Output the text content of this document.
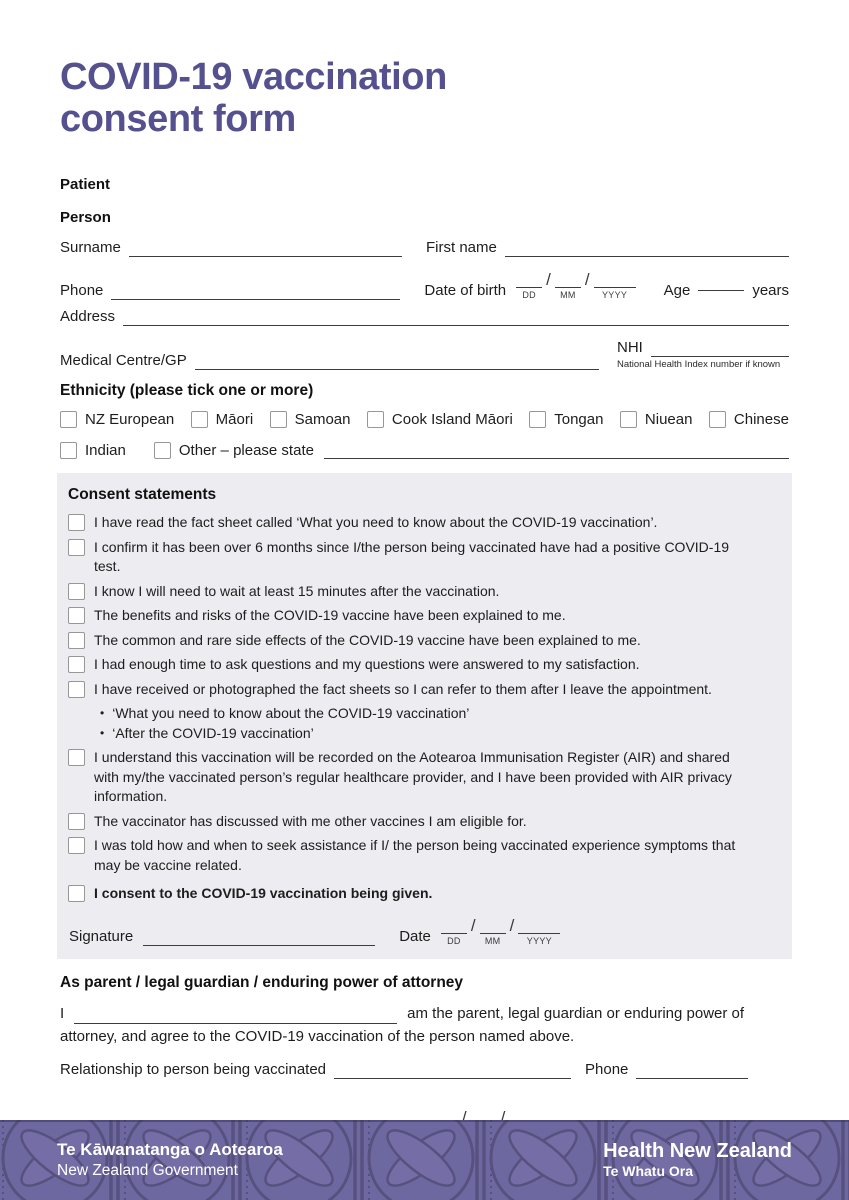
COVID-19 vaccination
consent form
Patient
Person
Surname	First name
Phone	Date of birth DD /	MM /	YYYY Age	years
Address
Medical Centre/GP
NHI
National Health Index number if known
Ethnicity (please tick one or more)
NZ European	Māori	Samoan	Cook Island Māori	Tongan	Niuean	Chinese
Indian	Other – please state
Consent statements
I have read the fact sheet called ‘What you need to know about the COVID-19 vaccination’.
I confirm it has been over 6 months since I/the person being vaccinated have had a positive COVID-19 test.
I know I will need to wait at least 15 minutes after the vaccination.
The benefits and risks of the COVID-19 vaccine have been explained to me.
The common and rare side effects of the COVID-19 vaccine have been explained to me.
I had enough time to ask questions and my questions were answered to my satisfaction.
I have received or photographed the fact sheets so I can refer to them after I leave the appointment.
• ‘What you need to know about the COVID-19 vaccination’
• ‘After the COVID-19 vaccination’
I understand this vaccination will be recorded on the Aotearoa Immunisation Register (AIR) and shared with my/the vaccinated person’s regular healthcare provider, and I have been provided with AIR privacy information.
The vaccinator has discussed with me other vaccines I am eligible for.
I was told how and when to seek assistance if I/ the person being vaccinated experience symptoms that may be vaccine related.
I consent to the COVID-19 vaccination being given.
Signature	Date DD /	MM /	YYYY
As parent / legal guardian / enduring power of attorney
I	am the parent, legal guardian or enduring power of
attorney, and agree to the COVID-19 vaccination of the person named above.
Relationship to person being vaccinated	Phone
/
/
Te Kāwanatanga o Aotearoa
New Zealand Government
Health New Zealand
Te Whatu Ora
